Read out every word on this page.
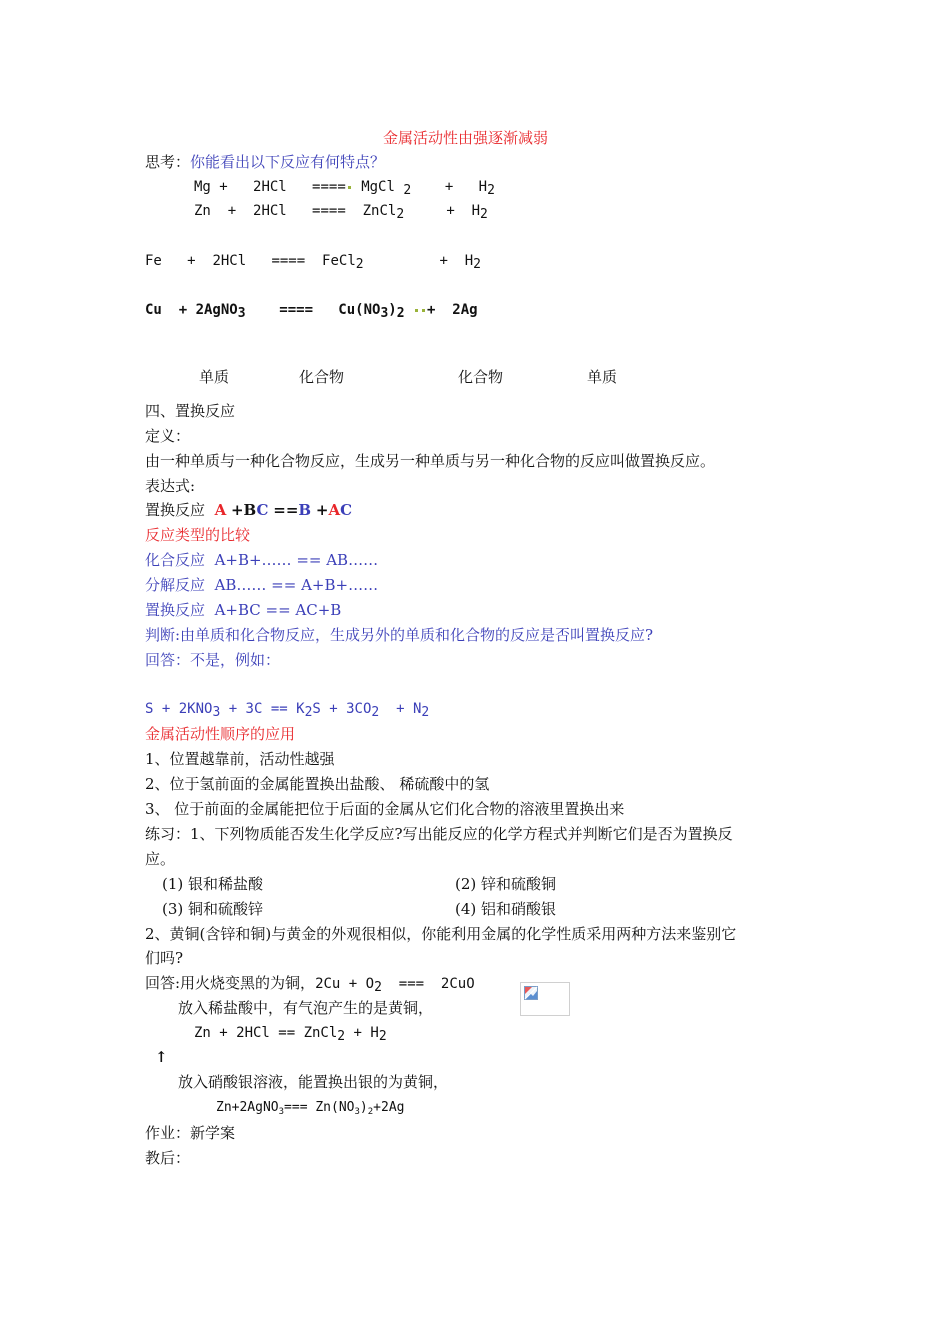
金属活动性由强逐渐减弱
思考：你能看出以下反应有何特点？
Mg + 2HCl ==== MgCl 2 + H2
Zn  + 2HCl ==== ZnCl2	+ H2
Fe   + 2HCl ==== FeCl2	+ H2
Cu + 2AgNO3 ==== Cu(NO3)2 + 2Ag
单质	化合物	化合物	单质
四、置换反应
定义：
由一种单质与一种化合物反应，生成另一种单质与另一种化合物的反应叫做置换反应。
表达式:
置换反应 A +BC ==B +AC
反应类型的比较
化合反应 A+B+…… == AB……
分解反应 AB…… == A+B+……
置换反应 A+BC == AC+B
判断:由单质和化合物反应，生成另外的单质和化合物的反应是否叫置换反应?
回答：不是，例如：
S + 2KNO3 + 3C == K2S + 3CO2  + N2
金属活动性顺序的应用
1、位置越靠前，活动性越强
2、位于氢前面的金属能置换出盐酸、 稀硫酸中的氢
3、 位于前面的金属能把位于后面的金属从它们化合物的溶液里置换出来
练习：1、下列物质能否发生化学反应?写出能反应的化学方程式并判断它们是否为置换反
应。
(1) 银和稀盐酸	(2) 锌和硫酸铜
(3) 铜和硫酸锌	(4) 铝和硝酸银
2、黄铜(含锌和铜)与黄金的外观很相似，你能利用金属的化学性质采用两种方法来鉴别它
们吗?
回答:用火烧变黑的为铜，2Cu + O2  ===  2CuO
放入稀盐酸中，有气泡产生的是黄铜，
Zn + 2HCl == ZnCl2 + H2
↑
放入硝酸银溶液，能置换出银的为黄铜，
Zn+2AgNO$_3$=== $Zn(NO_3)_2+2Ag$
作业：新学案
教后：
